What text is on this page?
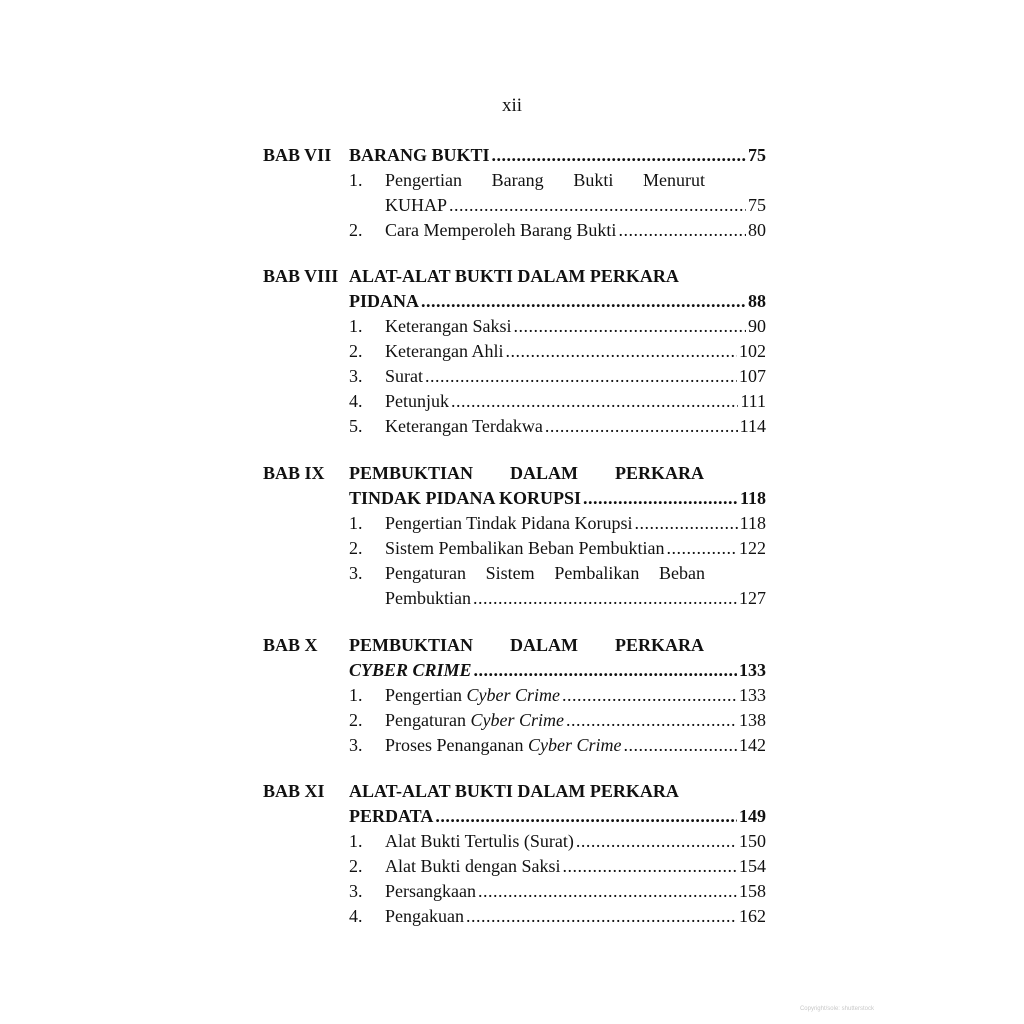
xii
BAB VII BARANG BUKTI .....	75
1.	Pengertian Barang Bukti Menurut
KUHAP .....	75
2.	Cara Memperoleh Barang Bukti .....	80
BAB VIII ALAT-ALAT BUKTI DALAM PERKARA
PIDANA .....	88
1.	Keterangan Saksi .....	90
2.	Keterangan Ahli .....	102
3.	Surat .....	107
4.	Petunjuk .....	111
5.	Keterangan Terdakwa .....	114
BAB IX PEMBUKTIAN DALAM PERKARA
TINDAK PIDANA KORUPSI .....	118
1.	Pengertian Tindak Pidana Korupsi .....	118
2.	Sistem Pembalikan Beban Pembuktian .....	122
3.	Pengaturan Sistem Pembalikan Beban
Pembuktian .....	127
BAB X PEMBUKTIAN DALAM PERKARA
CYBER CRIME .....	133
1.	Pengertian Cyber Crime .....	133
2.	Pengaturan Cyber Crime .....	138
3.	Proses Penanganan Cyber Crime .....	142
BAB XI ALAT-ALAT BUKTI DALAM PERKARA
PERDATA .....	149
1.	Alat Bukti Tertulis (Surat) .....	150
2.	Alat Bukti dengan Saksi .....	154
3.	Persangkaan .....	158
4.	Pengakuan .....	162
Copyright/sole: shutterstock
